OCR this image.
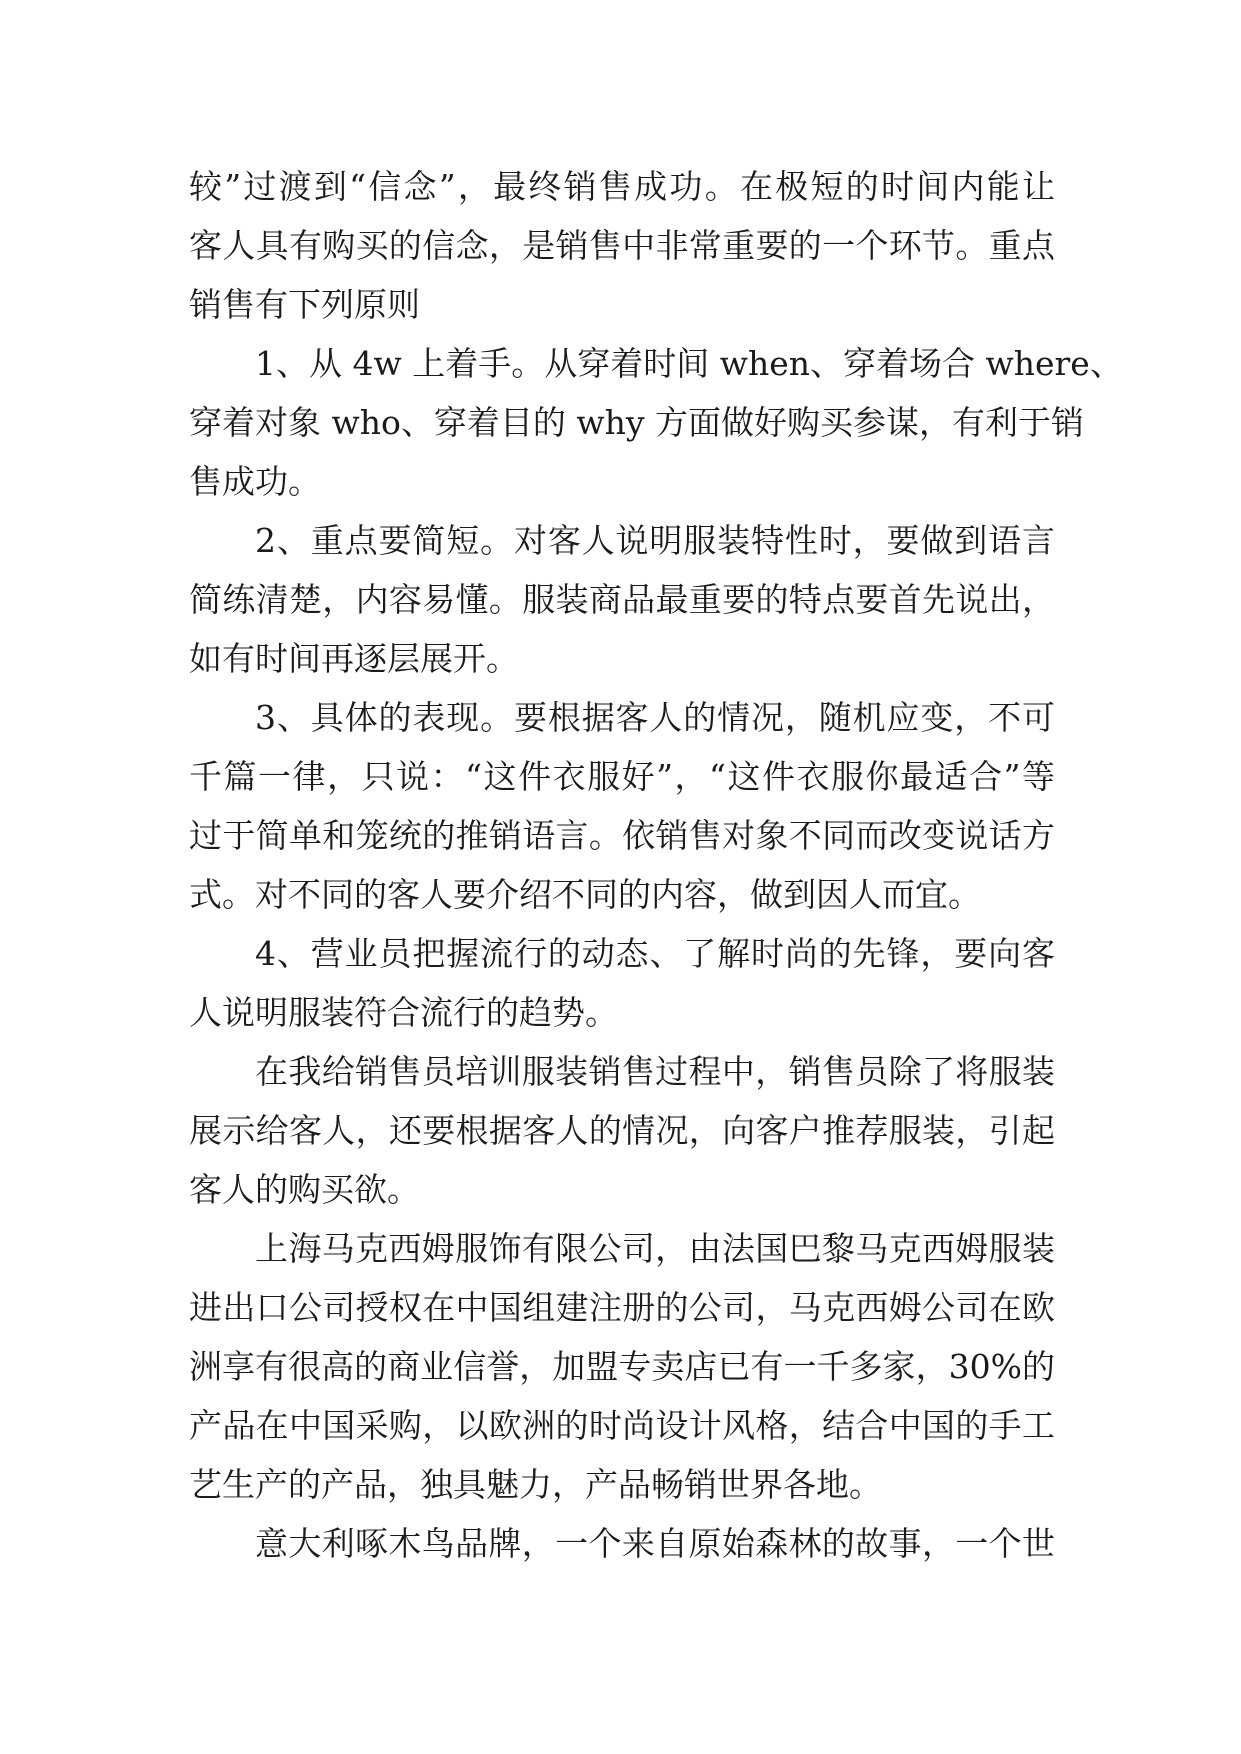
较”过渡到“信念”，最终销售成功。在极短的时间内能让
客人具有购买的信念，是销售中非常重要的一个环节。重点
销售有下列原则
1、从 4w 上着手。从穿着时间 when、穿着场合 where、
穿着对象 who、穿着目的 why 方面做好购买参谋，有利于销
售成功。
2、重点要简短。对客人说明服装特性时，要做到语言
简练清楚，内容易懂。服装商品最重要的特点要首先说出，
如有时间再逐层展开。
3、具体的表现。要根据客人的情况，随机应变，不可
千篇一律，只说：“这件衣服好”，“这件衣服你最适合”等
过于简单和笼统的推销语言。依销售对象不同而改变说话方
式。对不同的客人要介绍不同的内容，做到因人而宜。
4、营业员把握流行的动态、了解时尚的先锋，要向客
人说明服装符合流行的趋势。
在我给销售员培训服装销售过程中，销售员除了将服装
展示给客人，还要根据客人的情况，向客户推荐服装，引起
客人的购买欲。
上海马克西姆服饰有限公司，由法国巴黎马克西姆服装
进出口公司授权在中国组建注册的公司，马克西姆公司在欧
洲享有很高的商业信誉，加盟专卖店已有一千多家，30%的
产品在中国采购，以欧洲的时尚设计风格，结合中国的手工
艺生产的产品，独具魅力，产品畅销世界各地。
意大利啄木鸟品牌，一个来自原始森林的故事，一个世
